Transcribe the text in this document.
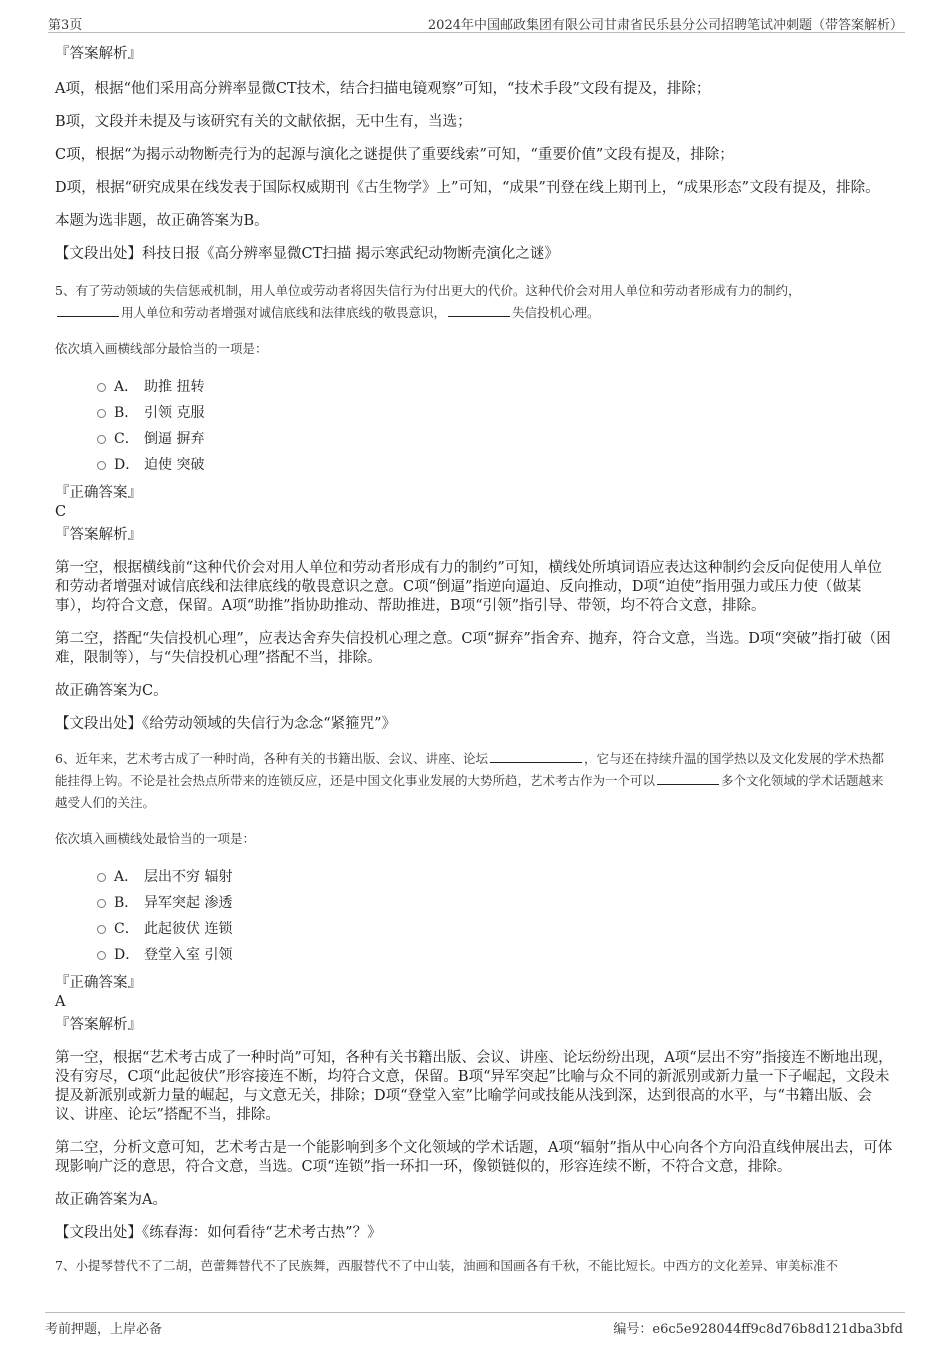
第3页	2024年中国邮政集团有限公司甘肃省民乐县分公司招聘笔试冲刺题（带答案解析）

『答案解析』

A项，根据“他们采用高分辨率显微CT技术，结合扫描电镜观察”可知，“技术手段”文段有提及，排除；

B项，文段并未提及与该研究有关的文献依据，无中生有，当选；

C项，根据“为揭示动物断壳行为的起源与演化之谜提供了重要线索”可知，“重要价值”文段有提及，排除；

D项，根据“研究成果在线发表于国际权威期刊《古生物学》上”可知，“成果”刊登在线上期刊上，“成果形态”文段有提及，排除。

本题为选非题，故正确答案为B。

【文段出处】科技日报《高分辨率显微CT扫描 揭示寒武纪动物断壳演化之谜》

5、有了劳动领域的失信惩戒机制，用人单位或劳动者将因失信行为付出更大的代价。这种代价会对用人单位和劳动者形成有力的制约，
用人单位和劳动者增强对诚信底线和法律底线的敬畏意识，	失信投机心理。

依次填入画横线部分最恰当的一项是：

A． 助推 扭转
B． 引领 克服
C． 倒逼 摒弃
D． 迫使 突破

『正确答案』

C

『答案解析』

第一空，根据横线前“这种代价会对用人单位和劳动者形成有力的制约”可知，横线处所填词语应表达这种制约会反向促使用人单位和劳动者增强对诚信底线和法律底线的敬畏意识之意。C项“倒逼”指逆向逼迫、反向推动，D项“迫使”指用强力或压力使（做某事），均符合文意，保留。A项“助推”指协助推动、帮助推进，B项“引领”指引导、带领，均不符合文意，排除。

第二空，搭配“失信投机心理”，应表达舍弃失信投机心理之意。C项“摒弃”指舍弃、抛弃，符合文意，当选。D项“突破”指打破（困难，限制等），与“失信投机心理”搭配不当，排除。

故正确答案为C。

【文段出处】《给劳动领域的失信行为念念“紧箍咒”》

6、近年来，艺术考古成了一种时尚，各种有关的书籍出版、会议、讲座、论坛	，它与还在持续升温的国学热以及文化发展的学术热都能挂得上钩。不论是社会热点所带来的连锁反应，还是中国文化事业发展的大势所趋，艺术考古作为一个可以	多个文化领域的学术话题越来越受人们的关注。

依次填入画横线处最恰当的一项是：

A． 层出不穷 辐射
B． 异军突起 渗透
C． 此起彼伏 连锁
D． 登堂入室 引领

『正确答案』

A

『答案解析』

第一空，根据“艺术考古成了一种时尚”可知，各种有关书籍出版、会议、讲座、论坛纷纷出现，A项“层出不穷”指接连不断地出现，没有穷尽，C项“此起彼伏”形容接连不断，均符合文意，保留。B项“异军突起”比喻与众不同的新派别或新力量一下子崛起，文段未提及新派别或新力量的崛起，与文意无关，排除；D项“登堂入室”比喻学问或技能从浅到深，达到很高的水平，与“书籍出版、会议、讲座、论坛”搭配不当，排除。

第二空，分析文意可知，艺术考古是一个能影响到多个文化领域的学术话题，A项“辐射”指从中心向各个方向沿直线伸展出去，可体现影响广泛的意思，符合文意，当选。C项“连锁”指一环扣一环，像锁链似的，形容连续不断，不符合文意，排除。

故正确答案为A。

【文段出处】《练春海：如何看待“艺术考古热”？》

7、小提琴替代不了二胡，芭蕾舞替代不了民族舞，西服替代不了中山装，油画和国画各有千秋，不能比短长。中西方的文化差异、审美标准不

考前押题，上岸必备	编号：e6c5e928044ff9c8d76b8d121dba3bfd
